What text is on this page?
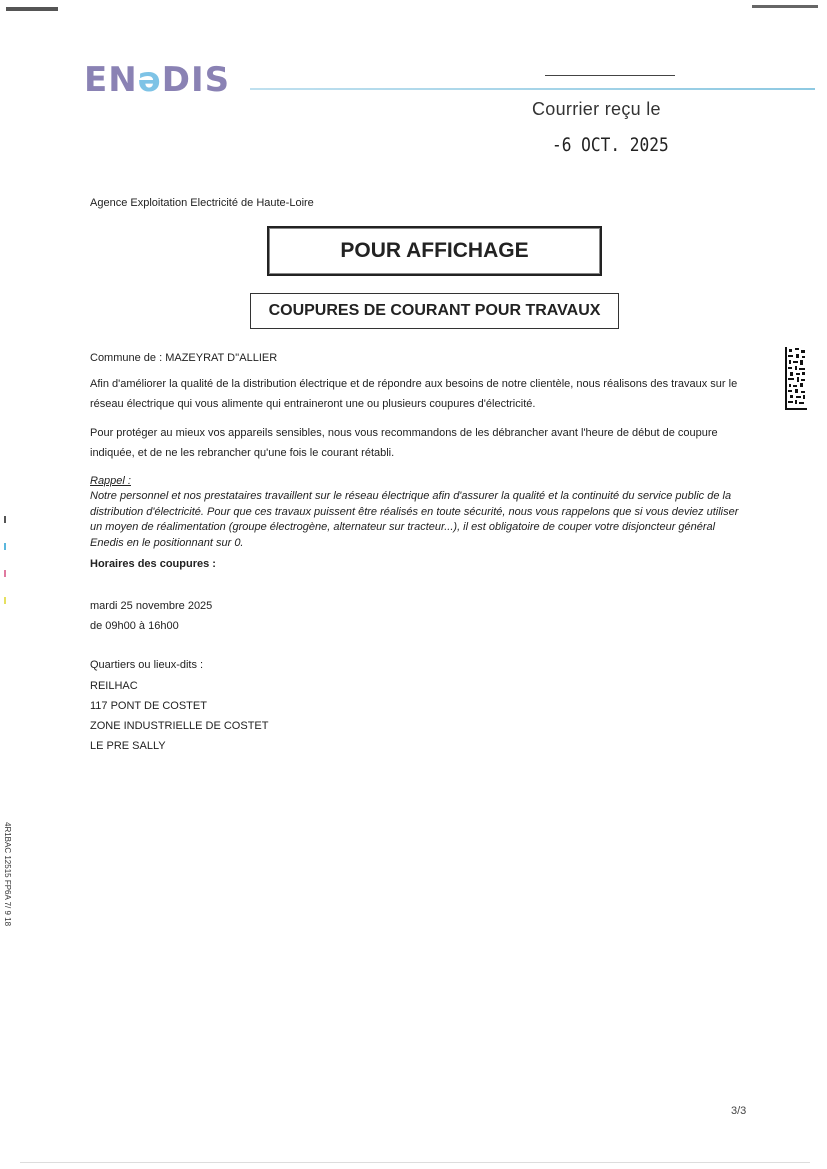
ENəDIS
Courrier reçu le
-6 OCT. 2025
Agence Exploitation Electricité de Haute-Loire
POUR AFFICHAGE
COUPURES DE COURANT POUR TRAVAUX
Commune de : MAZEYRAT D''ALLIER
Afin d'améliorer la qualité de la distribution électrique et de répondre aux besoins de notre clientèle, nous réalisons des travaux sur le réseau électrique qui vous alimente qui entraineront une ou plusieurs coupures d'électricité.
Pour protéger au mieux vos appareils sensibles, nous vous recommandons de les débrancher avant l'heure de début de coupure indiquée, et de ne les rebrancher qu'une fois le courant rétabli.
Rappel :
Notre personnel et nos prestataires travaillent sur le réseau électrique afin d'assurer la qualité et la continuité du service public de la distribution d'électricité. Pour que ces travaux puissent être réalisés en toute sécurité, nous vous rappelons que si vous deviez utiliser un moyen de réalimentation (groupe électrogène, alternateur sur tracteur...), il est obligatoire de couper votre disjoncteur général Enedis en le positionnant sur 0.
Horaires des coupures :
mardi 25 novembre 2025
de 09h00 à 16h00
Quartiers ou lieux-dits :
REILHAC
117 PONT DE COSTET
ZONE INDUSTRIELLE DE COSTET
LE PRE SALLY
4R1BAC 12515 FP6A 7/ 9 18
3/3
